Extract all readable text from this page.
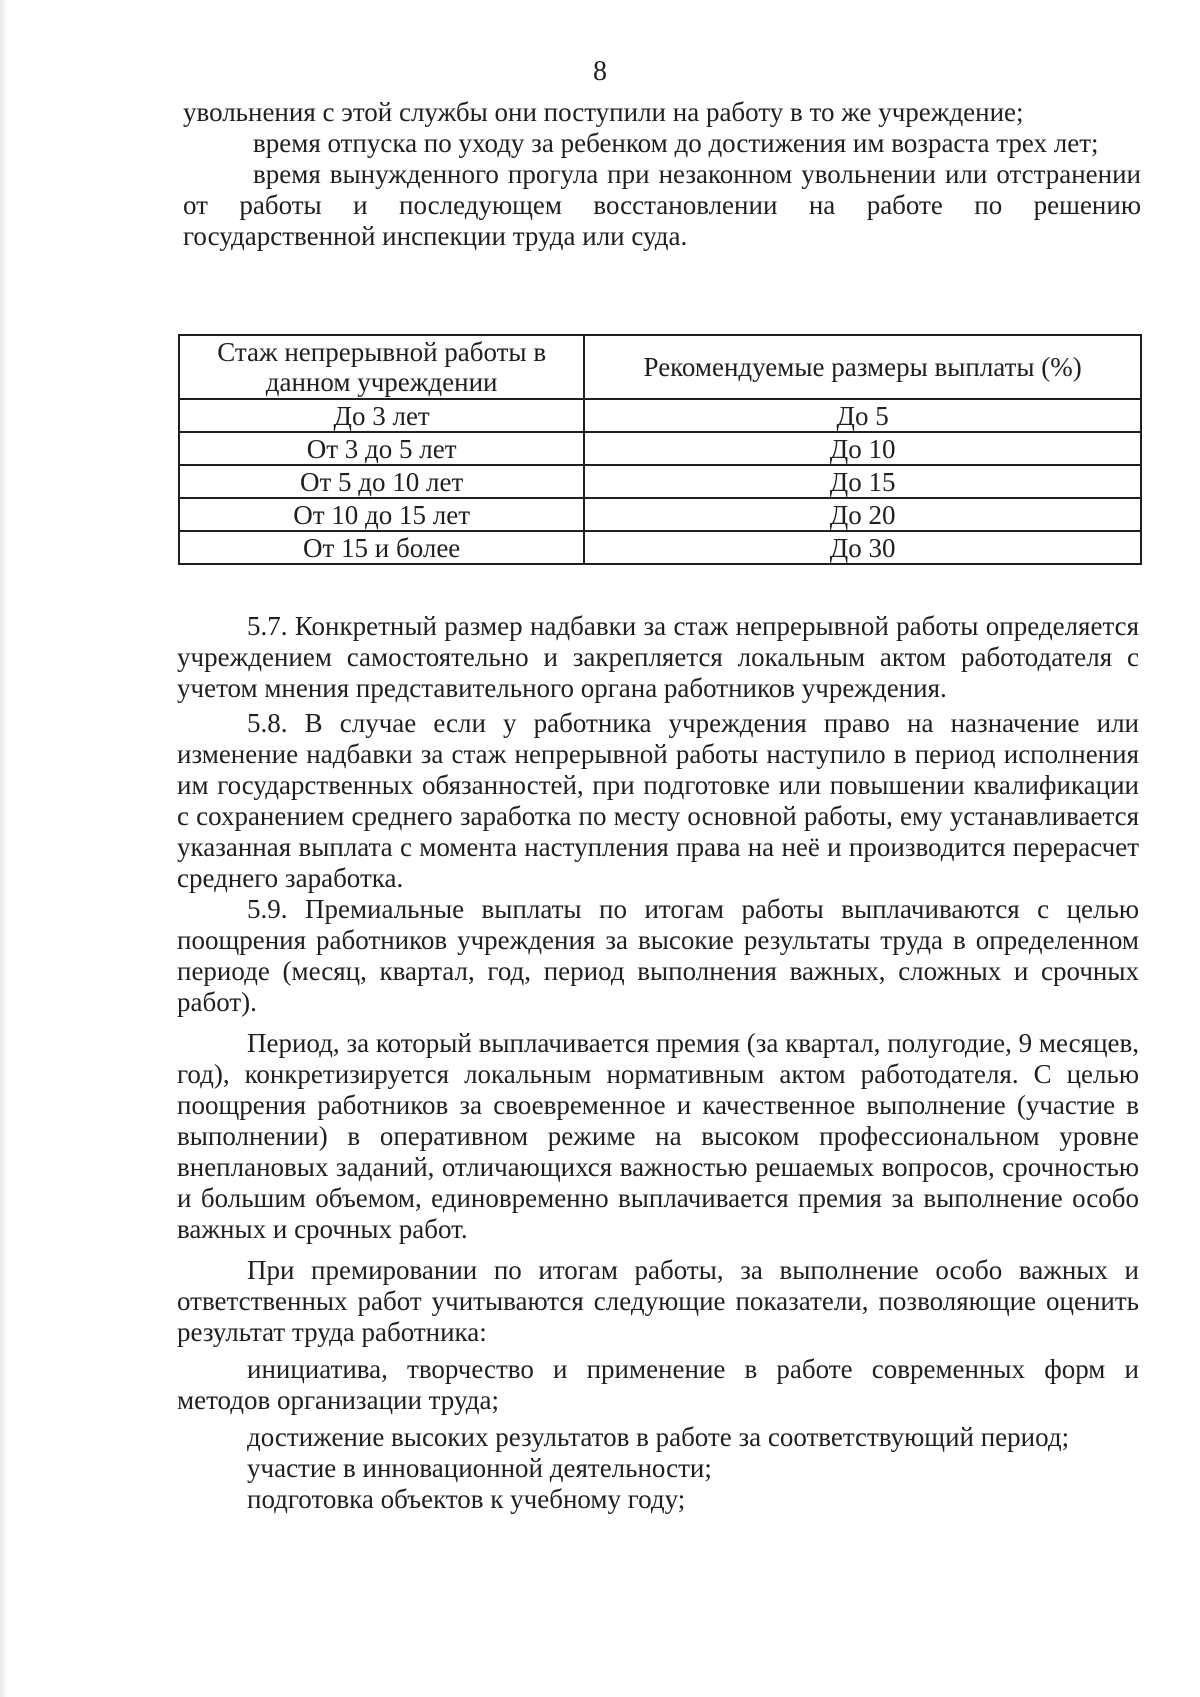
8

увольнения с этой службы они поступили на работу в то же учреждение;

время отпуска по уходу за ребенком до достижения им возраста трех лет;

время вынужденного прогула при незаконном увольнении или отстранении от работы и последующем восстановлении на работе по решению государственной инспекции труда или суда.

Стаж непрерывной работы в данном учреждении	Рекомендуемые размеры выплаты (%)
До 3 лет	До 5
От 3 до 5 лет	До 10
От 5 до 10 лет	До 15
От 10 до 15 лет	До 20
От 15 и более	До 30

5.7. Конкретный размер надбавки за стаж непрерывной работы определяется учреждением самостоятельно и закрепляется локальным актом работодателя с учетом мнения представительного органа работников учреждения.

5.8. В случае если у работника учреждения право на назначение или изменение надбавки за стаж непрерывной работы наступило в период исполнения им государственных обязанностей, при подготовке или повышении квалификации с сохранением среднего заработка по месту основной работы, ему устанавливается указанная выплата с момента наступления права на неё и производится перерасчет среднего заработка.

5.9. Премиальные выплаты по итогам работы выплачиваются с целью поощрения работников учреждения за высокие результаты труда в определенном периоде (месяц, квартал, год, период выполнения важных, сложных и срочных работ).

Период, за который выплачивается премия (за квартал, полугодие, 9 месяцев, год), конкретизируется локальным нормативным актом работодателя. С целью поощрения работников за своевременное и качественное выполнение (участие в выполнении) в оперативном режиме на высоком профессиональном уровне внеплановых заданий, отличающихся важностью решаемых вопросов, срочностью и большим объемом, единовременно выплачивается премия за выполнение особо важных и срочных работ.

При премировании по итогам работы, за выполнение особо важных и ответственных работ учитываются следующие показатели, позволяющие оценить результат труда работника:

инициатива, творчество и применение в работе современных форм и методов организации труда;

достижение высоких результатов в работе за соответствующий период;

участие в инновационной деятельности;

подготовка объектов к учебному году;
